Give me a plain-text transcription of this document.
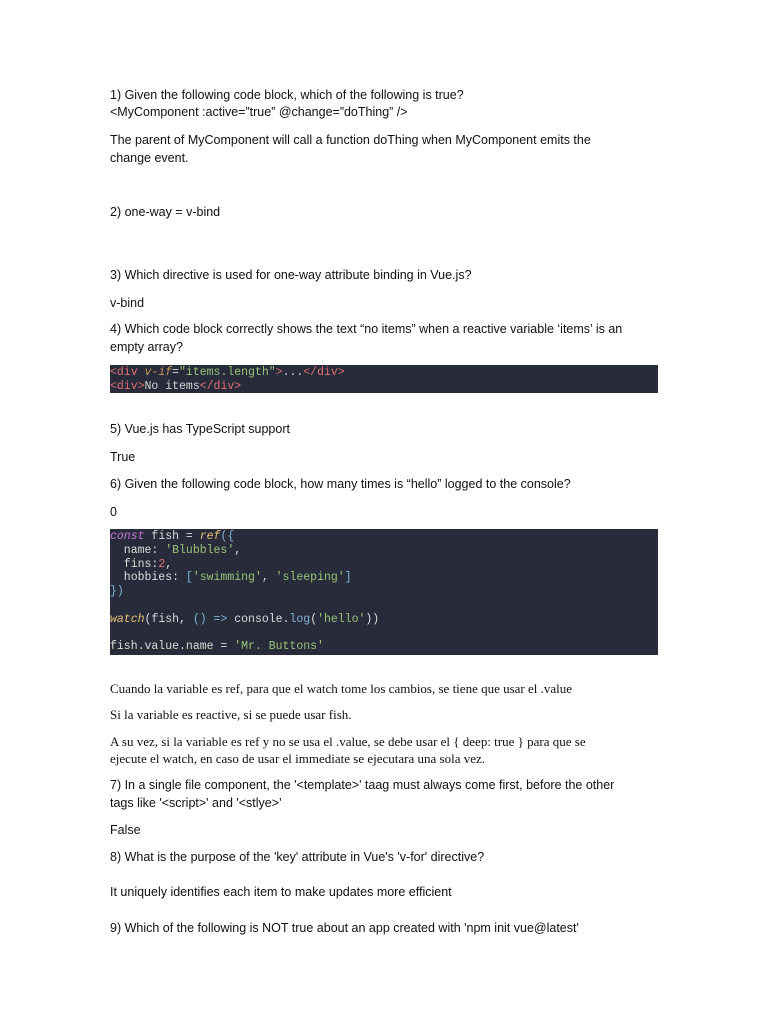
1) Given the following code block, which of the following is true?
<MyComponent :active=”true” @change=”doThing” />
The parent of MyComponent will call a function doThing when MyComponent emits the
change event.
2) one-way = v-bind
3) Which directive is used for one-way attribute binding in Vue.js?
v-bind
4) Which code block correctly shows the text “no items” when a reactive variable ‘items’ is an
empty array?
<div v-if="items.length">...</div>
<div>No items</div>
5) Vue.js has TypeScript support
True
6) Given the following code block, how many times is “hello” logged to the console?
0
const fish = ref({
name: 'Blubbles',
fins:2,
hobbies: ['swimming', 'sleeping']
})

watch(fish, () => console.log('hello'))

fish.value.name = 'Mr. Buttons'
Cuando la variable es ref, para que el watch tome los cambios, se tiene que usar el .value
Si la variable es reactive, si se puede usar fish.
A su vez, si la variable es ref y no se usa el .value, se debe usar el { deep: true } para que se
ejecute el watch, en caso de usar el immediate se ejecutara una sola vez.
7) In a single file component, the '<template>' taag must always come first, before the other
tags like '<script>' and '<stlye>’
False
8) What is the purpose of the 'key' attribute in Vue's 'v-for' directive?
It uniquely identifies each item to make updates more efficient
9) Which of the following is NOT true about an app created with 'npm init vue@latest'
